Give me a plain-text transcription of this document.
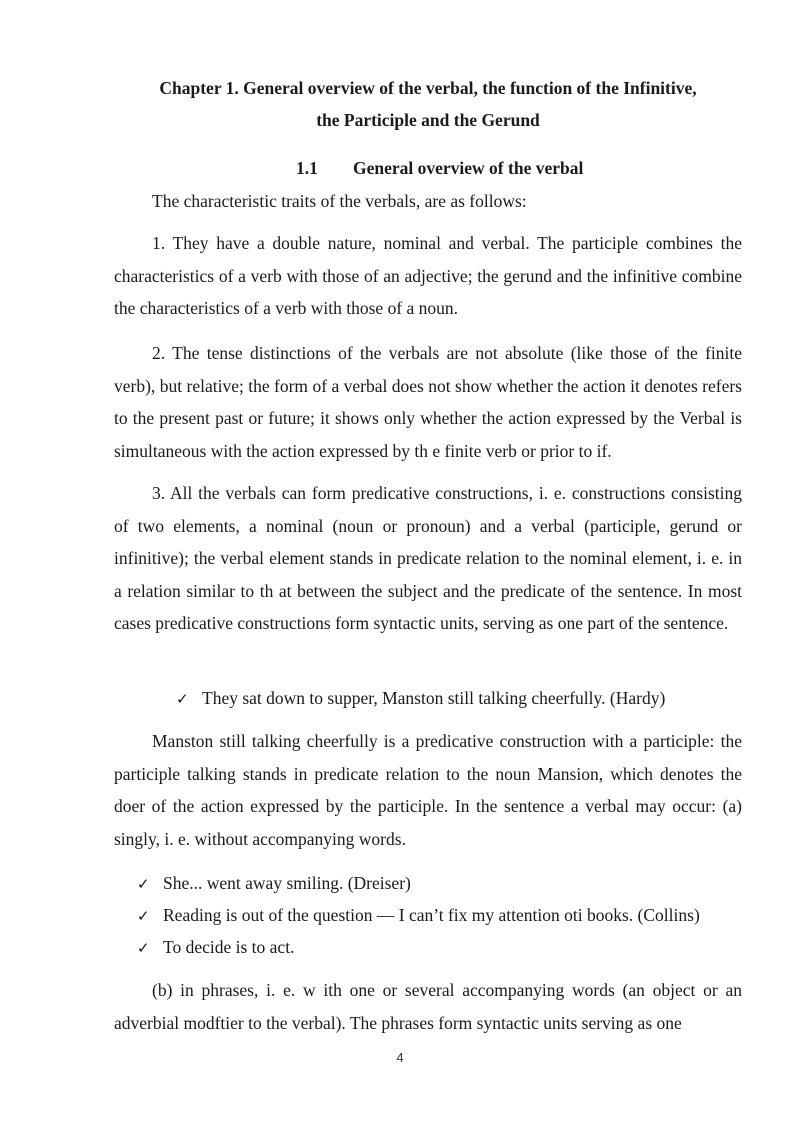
Chapter 1. General overview of the verbal, the function of the Infinitive,
the Participle and the Gerund
1.1 General overview of the verbal

The characteristic traits of the verbals, are as follows:

1. They have a double nature, nominal and verbal. The participle combines the characteristics of a verb with those of an adjective; the gerund and the infinitive combine the characteristics of a verb with those of a noun.

2. The tense distinctions of the verbals are not absolute (like those of the finite verb), but relative; the form of a verbal does not show whether the action it denotes refers to the present past or future; it shows only whether the action expressed by the Verbal is simultaneous with the action expressed by th e finite verb or prior to if.

3. All the verbals can form predicative constructions, i. e. constructions consisting of two elements, a nominal (noun or pronoun) and a verbal (participle, gerund or infinitive); the verbal element stands in predicate relation to the nominal element, i. e. in a relation similar to th at between the subject and the predicate of the sentence. In most cases predicative constructions form syntactic units, serving as one part of the sentence.

✓ They sat down to supper, Manston still talking cheerfully. (Hardy)

Manston still talking cheerfully is a predicative construction with a participle: the participle talking stands in predicate relation to the noun Mansion, which denotes the doer of the action expressed by the participle. In the sentence a verbal may occur: (a) singly, i. e. without accompanying words.

✓ She... went away smiling. (Dreiser)
✓ Reading is out of the question — I can’t fix my attention oti books. (Collins)
✓ To decide is to act.

(b) in phrases, i. e. w ith one or several accompanying words (an object or an adverbial modftier to the verbal). The phrases form syntactic units serving as one

4
